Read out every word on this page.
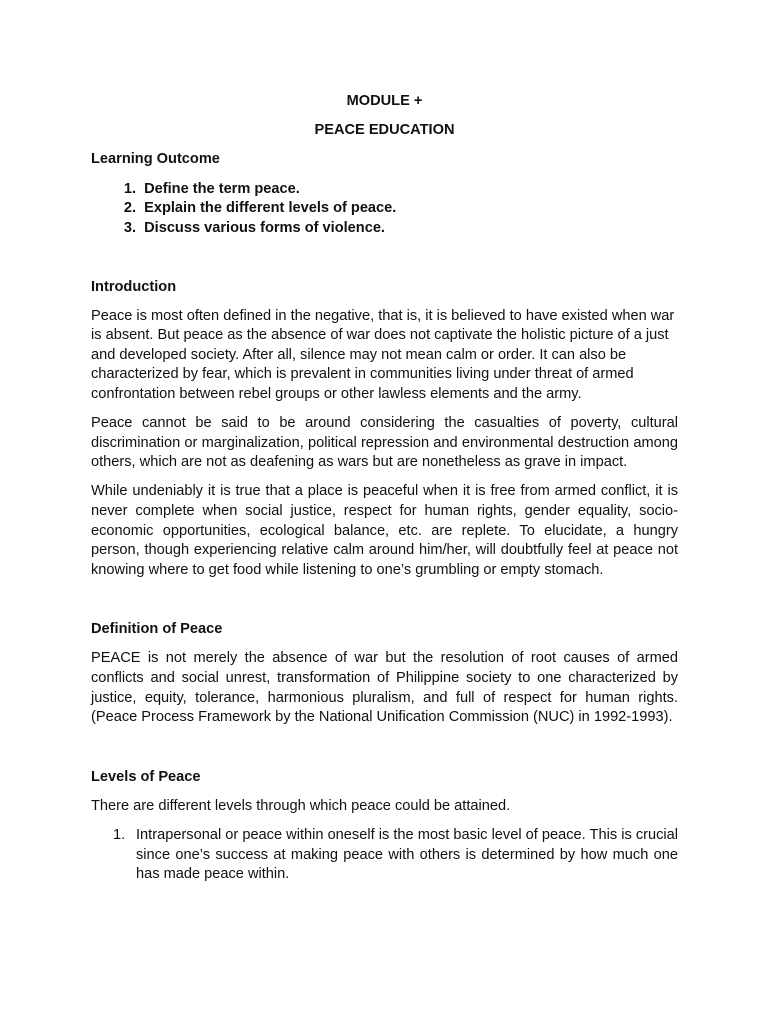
MODULE +

PEACE EDUCATION

Learning Outcome

1. Define the term peace.
2. Explain the different levels of peace.
3. Discuss various forms of violence.

Introduction

Peace is most often defined in the negative, that is, it is believed to have existed when war is absent. But peace as the absence of war does not captivate the holistic picture of a just and developed society. After all, silence may not mean calm or order. It can also be characterized by fear, which is prevalent in communities living under threat of armed confrontation between rebel groups or other lawless elements and the army.

Peace cannot be said to be around considering the casualties of poverty, cultural discrimination or marginalization, political repression and environmental destruction among others, which are not as deafening as wars but are nonetheless as grave in impact.

While undeniably it is true that a place is peaceful when it is free from armed conflict, it is never complete when social justice, respect for human rights, gender equality, socio-economic opportunities, ecological balance, etc. are replete. To elucidate, a hungry person, though experiencing relative calm around him/her, will doubtfully feel at peace not knowing where to get food while listening to one’s grumbling or empty stomach.

Definition of Peace

PEACE is not merely the absence of war but the resolution of root causes of armed conflicts and social unrest, transformation of Philippine society to one characterized by justice, equity, tolerance, harmonious pluralism, and full of respect for human rights. (Peace Process Framework by the National Unification Commission (NUC) in 1992-1993).

Levels of Peace

There are different levels through which peace could be attained.

1. Intrapersonal or peace within oneself is the most basic level of peace. This is crucial since one’s success at making peace with others is determined by how much one has made peace within.
